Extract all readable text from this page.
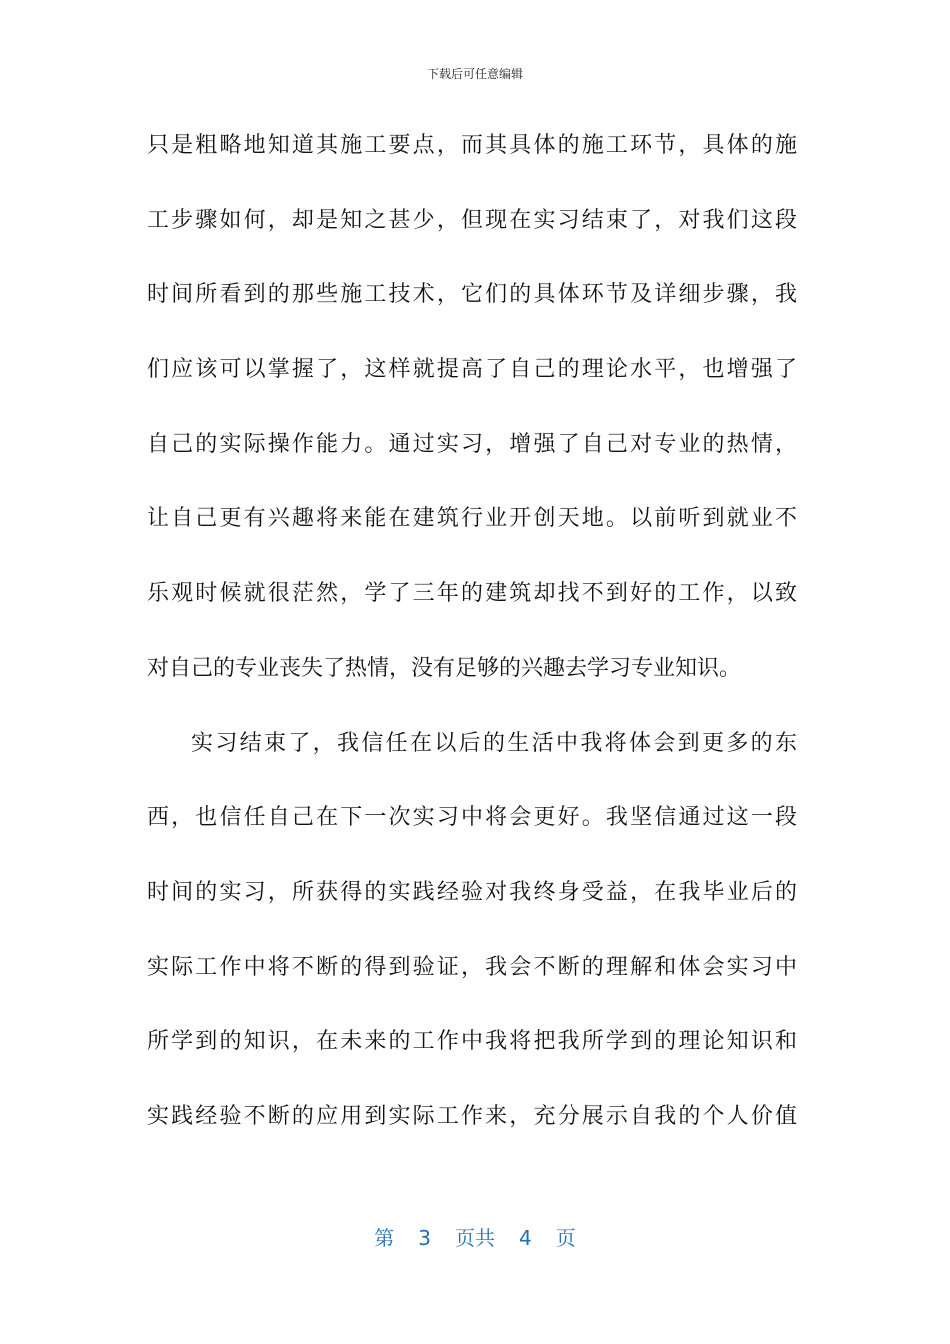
下载后可任意编辑
只是粗略地知道其施工要点，而其具体的施工环节，具体的施
工步骤如何，却是知之甚少，但现在实习结束了，对我们这段
时间所看到的那些施工技术，它们的具体环节及详细步骤，我
们应该可以掌握了，这样就提高了自己的理论水平，也增强了
自己的实际操作能力。通过实习，增强了自己对专业的热情，
让自己更有兴趣将来能在建筑行业开创天地。以前听到就业不
乐观时候就很茫然，学了三年的建筑却找不到好的工作，以致
对自己的专业丧失了热情，没有足够的兴趣去学习专业知识。
实习结束了，我信任在以后的生活中我将体会到更多的东
西，也信任自己在下一次实习中将会更好。我坚信通过这一段
时间的实习，所获得的实践经验对我终身受益，在我毕业后的
实际工作中将不断的得到验证，我会不断的理解和体会实习中
所学到的知识，在未来的工作中我将把我所学到的理论知识和
实践经验不断的应用到实际工作来，充分展示自我的个人价值
第 3 页共 4 页
